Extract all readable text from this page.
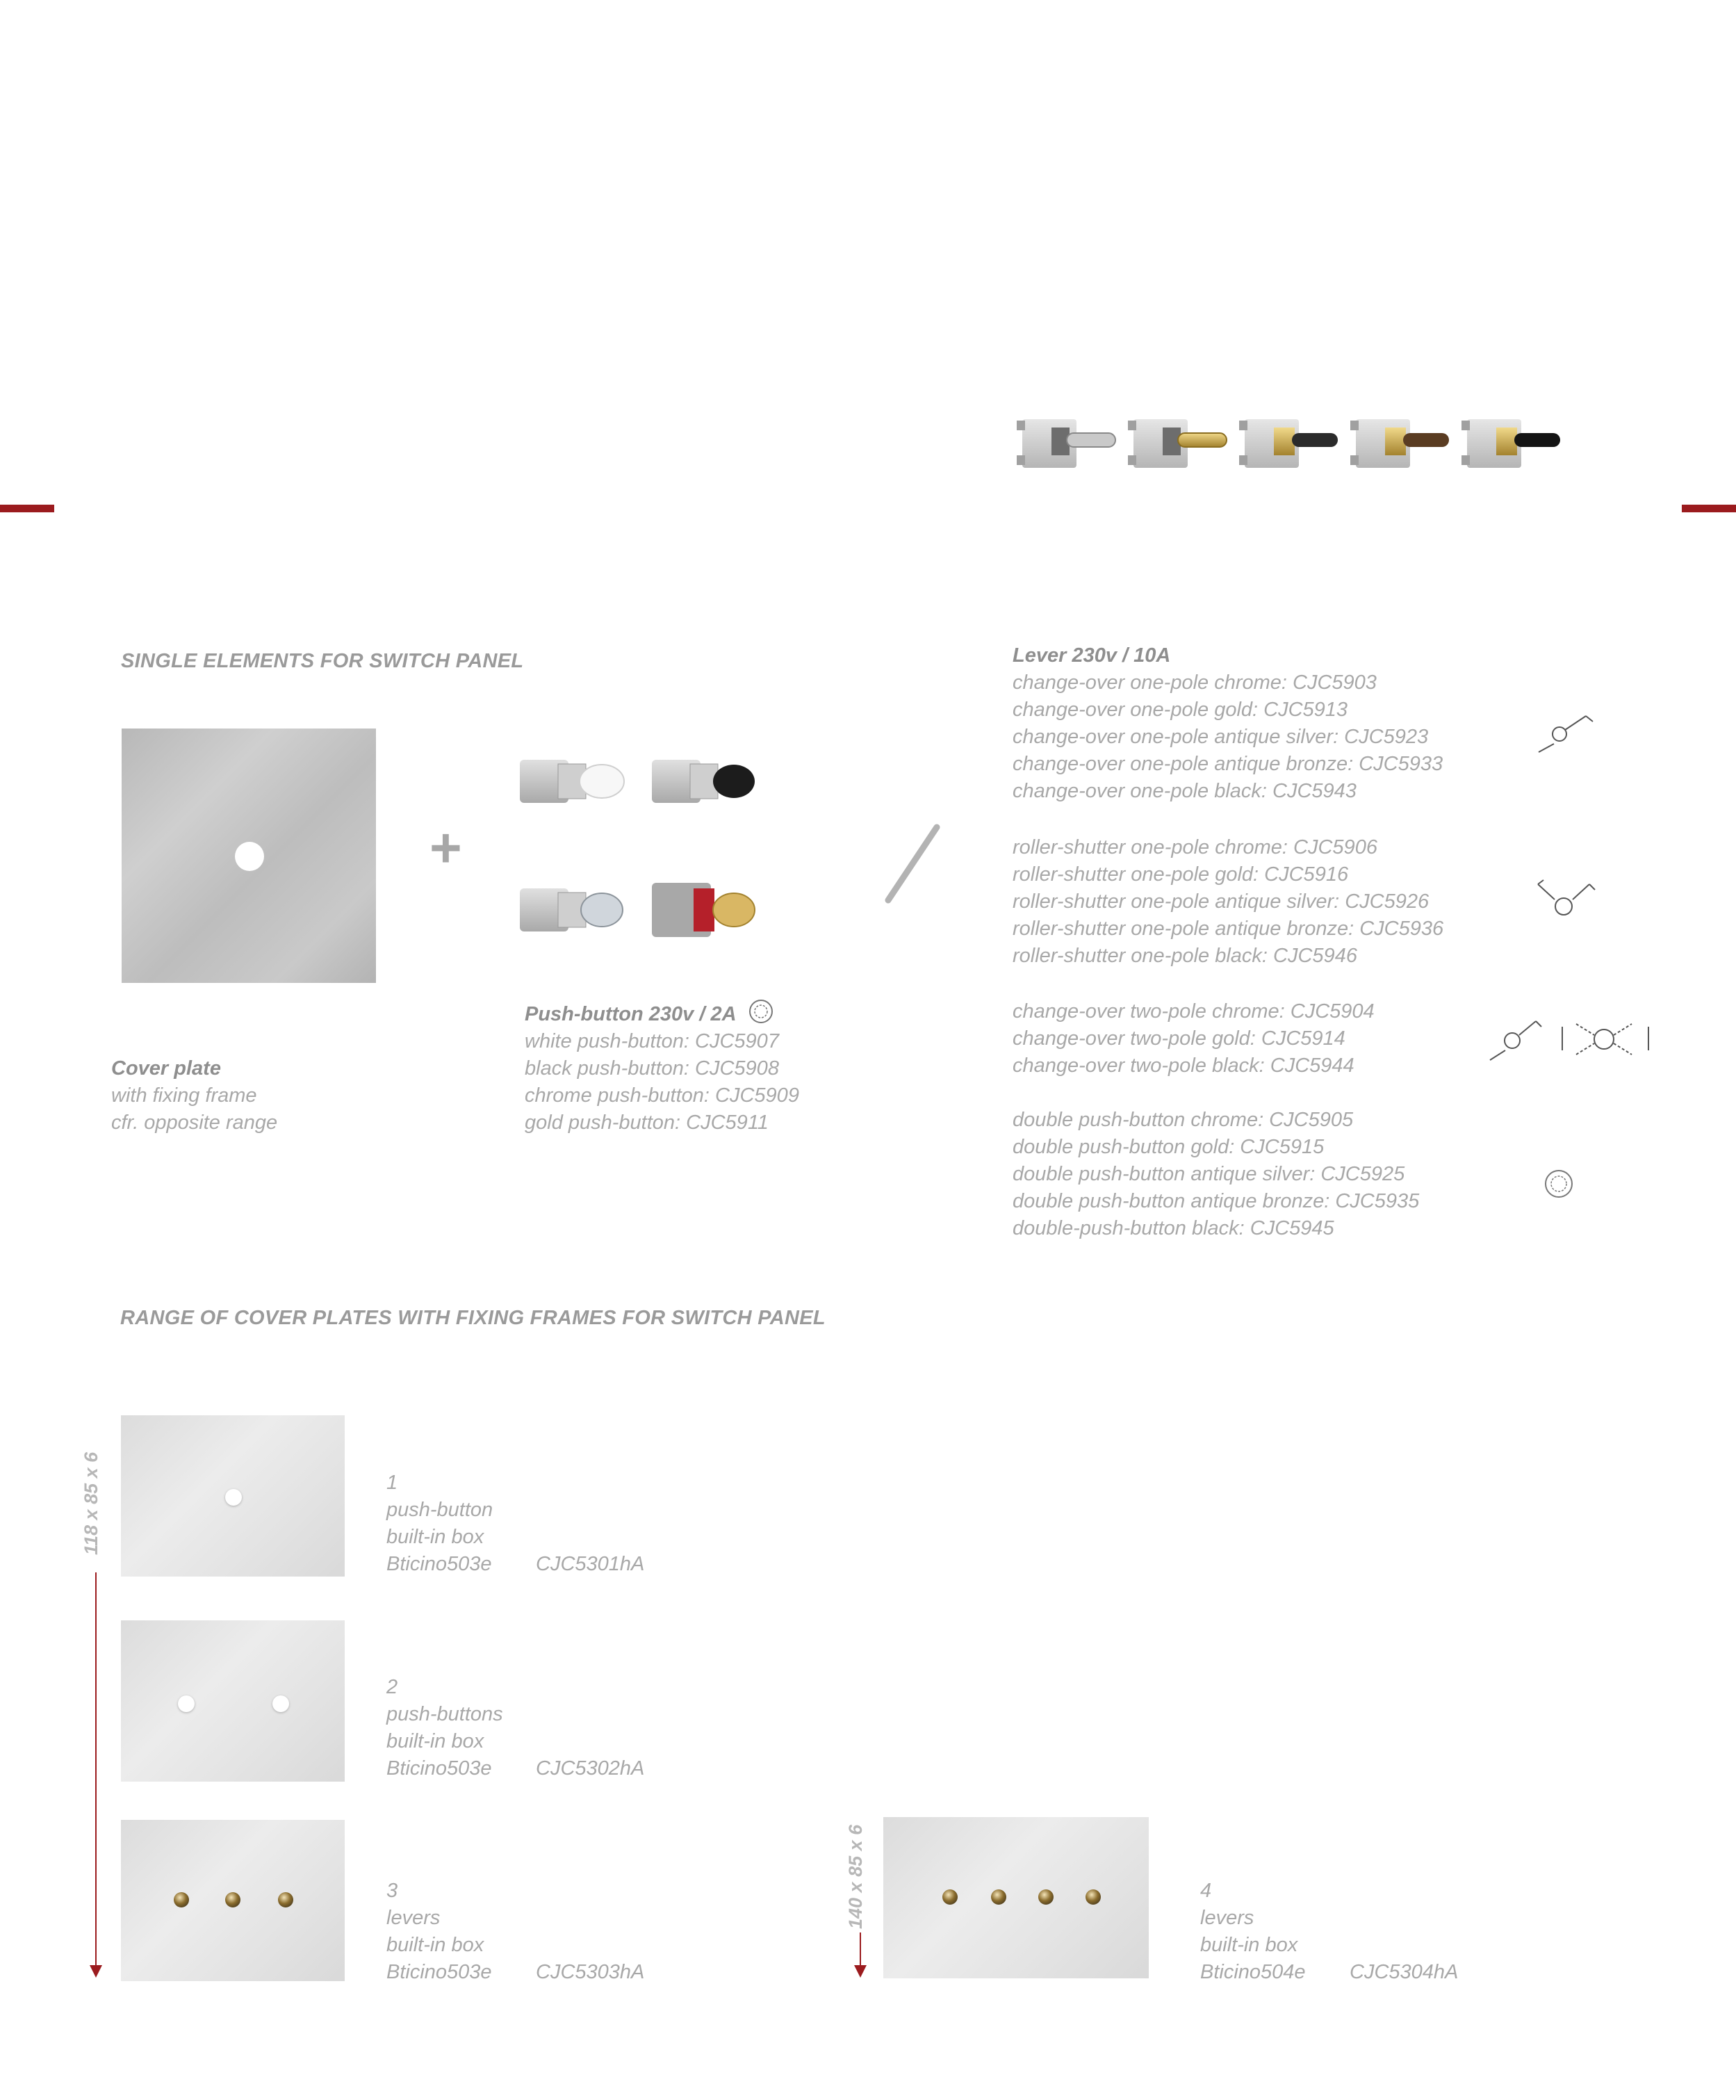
SINGLE ELEMENTS FOR SWITCH PANEL
+
Cover plate
with fixing frame
cfr. opposite range
Push-button 230v / 2A
white push-button: CJC5907
black push-button: CJC5908
chrome push-button: CJC5909
gold push-button: CJC5911
Lever 230v / 10A
change-over one-pole chrome: CJC5903
change-over one-pole gold: CJC5913
change-over one-pole antique silver: CJC5923
change-over one-pole antique bronze: CJC5933
change-over one-pole black: CJC5943
roller-shutter one-pole chrome: CJC5906
roller-shutter one-pole gold: CJC5916
roller-shutter one-pole antique silver: CJC5926
roller-shutter one-pole antique bronze: CJC5936
roller-shutter one-pole black: CJC5946
change-over two-pole chrome: CJC5904
change-over two-pole gold: CJC5914
change-over two-pole black: CJC5944
double push-button chrome: CJC5905
double push-button gold: CJC5915
double push-button antique silver: CJC5925
double push-button antique bronze: CJC5935
double-push-button black: CJC5945
RANGE OF COVER PLATES WITH FIXING FRAMES FOR SWITCH PANEL
118 x 85 x 6	1
push-button
built-in box
Bticino503e CJC5301hA
2
push-buttons
built-in box
Bticino503e CJC5302hA
3
levers
built-in box
Bticino503e CJC5303hA
140 x 85 x 6	4
levers
built-in box
Bticino504e CJC5304hA
